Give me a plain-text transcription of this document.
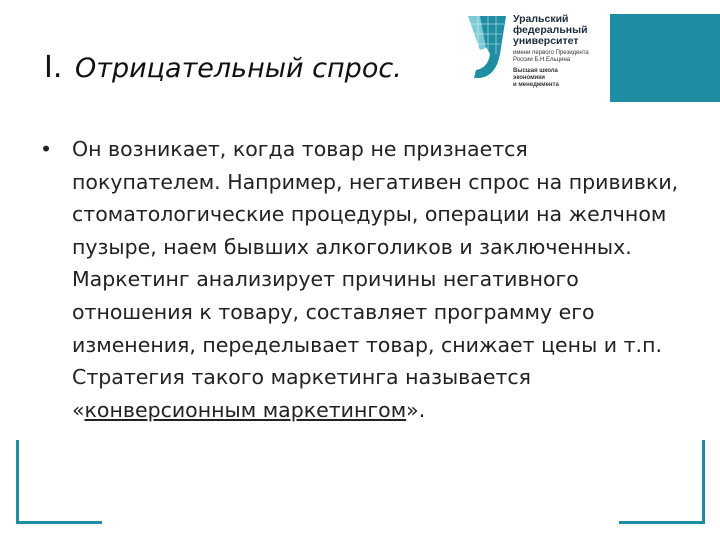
I. Отрицательный спрос.
Уральский
федеральный
университет
имени первого Президента
России Б.Н.Ельцина
Высшая школа
экономики
и менеджмента
• Он возникает, когда товар не признается покупателем. Например, негативен спрос на прививки, стоматологические процедуры, операции на желчном пузыре, наем бывших алкоголиков и заключенных. Маркетинг анализирует причины негативного отношения к товару, составляет программу его изменения, переделывает товар, снижает цены и т.п. Стратегия такого маркетинга называется «конверсионным маркетингом».
